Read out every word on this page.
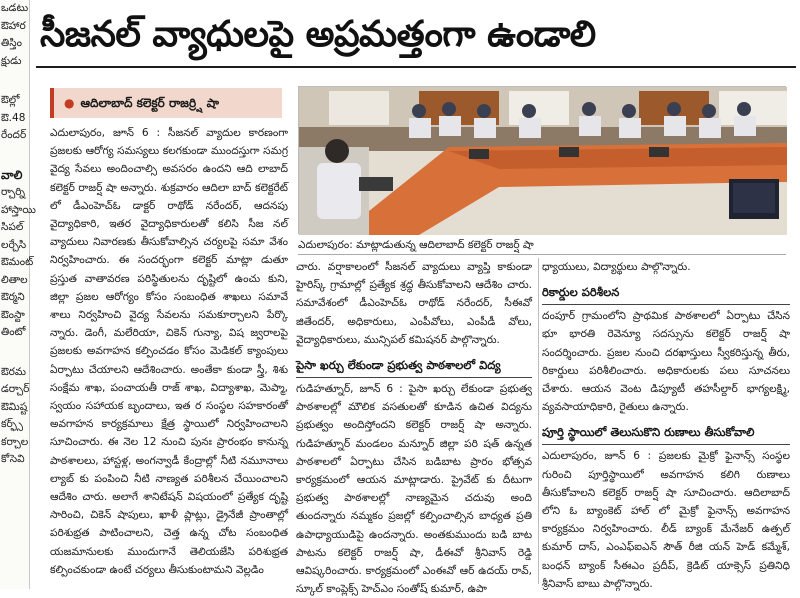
ఒడటు

ఔహార

తిస్తిం

క్షుడు

ఔల్లో

ఔ.48

రేందర్

వాలి

ర్చార్ని

హాస్తాయి

సిపల్

లర్చేసి

ఔమంట్

లితాల

ఔర్మని

ఔంస్టా

తింటో

ఔరమ

డర్చార్

ఔమిష్ట

కర్ఫ్స్

కర్చాల

కోసెవి

సీజనల్ వ్యాధులపై అప్రమత్తంగా ఉండాలి
● ఆదిలాబాద్ కలెక్టర్ రాజర్ర్షి షా

ఎదులాపురం, జూన్ 6 : సీజనల్ వ్యాదుల కారణంగా ప్రజలకు ఆరోగ్య సమస్యలు కలగకుండా ముందస్తుగా సమగ్ర వైద్య సేవలు అందించాల్సి అవసరం ఉందని ఆది లాబాద్ కలెక్టర్ రాజర్ష్ షా అన్నారు. శుక్రవారం ఆదిలా బాద్ కలెక్టరేట్ లో డీఎంహెచ్ఓ డాక్టర్ రాథోడ్ నరేందర్, ఆదనపు వైద్యాధికారి, ఇతర వైద్యాధికారులతో కలిసి సీజ నల్ వ్యాదులు నివారణకు తీసుకోవాల్సిన చర్యలపై సమా వేశం నిర్వహించారు. ఈ సందర్భంగా కలెక్టర్ మాట్లా డుతూ ప్రస్తుత వాతావరణ పరిస్థితులను దృష్టిలో ఉంచు కుని, జిల్లా ప్రజల ఆరోగ్యం కోసం సంబంధిత శాఖలు సమావే శాలు నిర్వహించి వైద్య సేవలను సమకూర్చాలని పేర్కొ న్నారు. డెంగీ, మలేరియా, చికెన్ గున్యా, విష జ్వరాలపై ప్రజలకు అవగాహన కల్పించడం కోసం మెడికల్ క్యాంపులు ఏర్పాటు చేయాలని ఆదేశించారు. అంతేకా కుండా స్త్రీ, శిశు సంక్షేమ శాఖ, పంచాయతీ రాజ్ శాఖ, విద్యాశాఖ, మెప్మా, స్వయం సహాయక బృందాలు, ఇత ర సంస్థల సహకారంతో అవగాహన కార్యక్రమాలు క్షేత్ర స్థాయిలో నిర్వహించాలని సూచించారు. ఈ నెల 12 నుంచి పునః ప్రారంభం కానున్న పాఠశాలలు, హాస్టళ్ల, అంగన్వాడీ కేంద్రాల్లో నీటి నమూనాలు ల్యాబ్ కు పంపించి నీటి నాణ్యత పరిశీలన చేయించాలని ఆదేశిం చారు. అలాగే శానిటేషన్ విషయంలో ప్రత్యేక దృష్టి సారించి, చికెన్ షాపులు, ఖాళీ ప్లాట్లు, డ్రైనేజీ ప్రాంతాల్లో పరిశుభ్రత పాటించాలని, చెత్త ఉన్న చోట సంబంధిత యజమానులకు ముందుగానే తెలియజేసి పరిశుభ్రత కల్పించకుండా ఉంటే చర్యలు తీసుకుంటామని వెల్లడిం

ఎదులాపురం: మాట్లాడుతున్న ఆదిలాబాద్ కలెక్టర్ రాజర్ష్ షా

చారు. వర్షాకాలంలో సీజనల్ వ్యాదులు వ్యాప్తి కాకుండా హైరిస్క్ గ్రామాల్లో ప్రత్యేక శ్రద్ధ తీసుకోవాలని ఆదేశిం చారు. సమావేశంలో డీఎంహెచ్ఓ రాథోడ్ నరేందర్, సీఈవో జితేందర్, అధికారులు, ఎంపీవోలు, ఎంపీడీ వోలు, వైద్యాధికారులు, మున్సిపల్ కమిషనర్ పాల్గొన్నారు.

పైసా ఖర్చు లేకుండా ప్రభుత్వ పాఠశాలలో విద్య

గుడిహత్నూర్, జూన్ 6 : పైసా ఖర్చు లేకుండా ప్రభుత్వ పాఠశాలల్లో మౌలిక వసతులతో కూడిన ఉచిత విద్యను ప్రభుత్వం అందిస్తోందని కలెక్టర్ రాజర్ష్ షా అన్నారు. గుడిహత్నూర్ మండలం మన్నూర్ జిల్లా పరి షత్ ఉన్నత పాఠశాలలో ఏర్పాటు చేసిన బడిబాట ప్రారం భోత్సవ కార్యక్రమంలో ఆయన మాట్లాడారు. ప్రైవేట్ కు దీటుగా ప్రభుత్వ పాఠశాలల్లో నాణ్యమైన చదువు అంది తుందన్నారు నమ్మకం ప్రజల్లో కల్పించాల్సిన బాధ్యత ప్రతి ఉపాధ్యాయుడిపై ఉందన్నారు. అంతకుముందు బడి బాట పాటను కలెక్టర్ రాజర్ష్ షా, డీఈవో శ్రీనివాస్ రెడ్డి ఆవిష్కరించారు. కార్యక్రమంలో ఎంఈవో ఆర్ ఉదయ్ రావ్, స్కూల్ కాంప్లెక్స్ హెచ్ఎం సంతోష్ కుమార్, ఉపా

ధ్యాయులు, విద్యార్థులు పాల్గొన్నారు.

రికార్డుల పరిశీలన

దంపూర్ గ్రామంలోని ప్రాథమిక పాఠశాలలో ఏర్పాటు చేసిన భూ భారతి రెవెన్యూ సదస్సును కలెక్టర్ రాజర్ష్ షా సందర్శించారు. ప్రజల నుంచి దరఖాస్తులు స్వీకరిస్తున్న తీరు, రికార్డులు పరిశీలించారు. అధికారులకు పలు సూచనలు చేశారు. ఆయన వెంట డిప్యూటీ తహసీల్దార్ భాగ్యలక్ష్మి, వ్యవసాయాధికారి, రైతులు ఉన్నారు.

పూర్తి స్థాయిలో తెలుసుకొని రుణాలు తీసుకోవాలి

ఎదులాపురం, జూన్ 6 : ప్రజలకు మైక్రో ఫైనాన్స్ సంస్థల గురించి పూర్తిస్థాయిలో అవగాహన కలిగి రుణాలు తీసుకోవాలని కలెక్టర్ రాజర్ష్ షా సూచించారు. ఆదిలాబాద్ లోని ఓ బ్యాంకెట్ హాల్ లో మైక్రో ఫైనాన్స్ అవగాహన కార్యక్రమం నిర్వహించారు. లీడ్ బ్యాంక్ మేనేజర్ ఉత్పల్ కుమార్ దాస్, ఎంఎఫ్ఐఎన్ సౌత్ రీజి యన్ హెడ్ కమ్మేశ్, బంధన్ బ్యాంక్ సీఈఎం ప్రదీప్, క్రెడిట్ యాక్సెస్ ప్రతినిధి శ్రీనివాస్ బాబు పాల్గొన్నారు.
